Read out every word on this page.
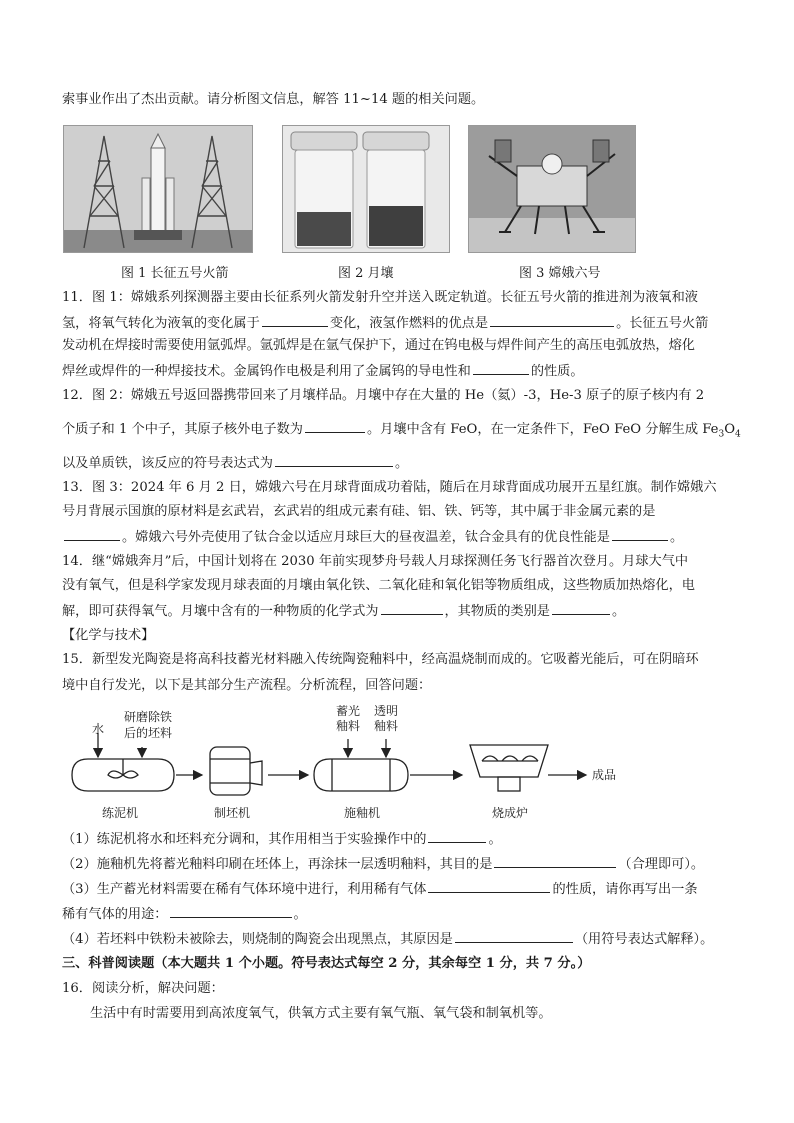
索事业作出了杰出贡献。请分析图文信息，解答 11~14 题的相关问题。
图 1 长征五号火箭	图 2 月壤	图 3 嫦娥六号
11．图 1：嫦娥系列探测器主要由长征系列火箭发射升空并送入既定轨道。长征五号火箭的推进剂为液氧和液
氢，将氧气转化为液氧的变化属于	变化，液氢作燃料的优点是	。长征五号火箭
发动机在焊接时需要使用氩弧焊。氩弧焊是在氩气保护下，通过在钨电极与焊件间产生的高压电弧放热，熔化
焊丝或焊件的一种焊接技术。金属钨作电极是利用了金属钨的导电性和	的性质。
12．图 2：嫦娥五号返回器携带回来了月壤样品。月壤中存在大量的 He（氦）-3，He-3 原子的原子核内有 2
个质子和 1 个中子，其原子核外电子数为	。月壤中含有 FeO，在一定条件下，FeO FeO 分解生成 $Fe_3O_4$
以及单质铁，该反应的符号表达式为	。
13．图 3：2024 年 6 月 2 日，嫦娥六号在月球背面成功着陆，随后在月球背面成功展开五星红旗。制作嫦娥六
号月背展示国旗的原材料是玄武岩，玄武岩的组成元素有硅、铝、铁、钙等，其中属于非金属元素的是
。嫦娥六号外壳使用了钛合金以适应月球巨大的昼夜温差，钛合金具有的优良性能是	。
14．继“嫦娥奔月”后，中国计划将在 2030 年前实现梦舟号载人月球探测任务飞行器首次登月。月球大气中
没有氧气，但是科学家发现月球表面的月壤由氧化铁、二氧化硅和氧化铝等物质组成，这些物质加热熔化，电
解，即可获得氧气。月壤中含有的一种物质的化学式为	，其物质的类别是	。
【化学与技术】
15．新型发光陶瓷是将高科技蓄光材料融入传统陶瓷釉料中，经高温烧制而成的。它吸蓄光能后，可在阴暗环
境中自行发光，以下是其部分生产流程。分析流程，回答问题：
水
研磨除铁
后的坯料
蓄光
釉料
透明
釉料
练泥机	制坯机	施釉机	烧成炉
成品
（1）练泥机将水和坯料充分调和，其作用相当于实验操作中的	。
（2）施釉机先将蓄光釉料印刷在坯体上，再涂抹一层透明釉料，其目的是	（合理即可）。
（3）生产蓄光材料需要在稀有气体环境中进行，利用稀有气体	的性质，请你再写出一条
稀有气体的用途：	。
（4）若坯料中铁粉未被除去，则烧制的陶瓷会出现黑点，其原因是	（用符号表达式解释）。
三、科普阅读题（本大题共 1 个小题。符号表达式每空 2 分，其余每空 1 分，共 7 分。）
16．阅读分析，解决问题：
生活中有时需要用到高浓度氧气，供氧方式主要有氧气瓶、氧气袋和制氧机等。
